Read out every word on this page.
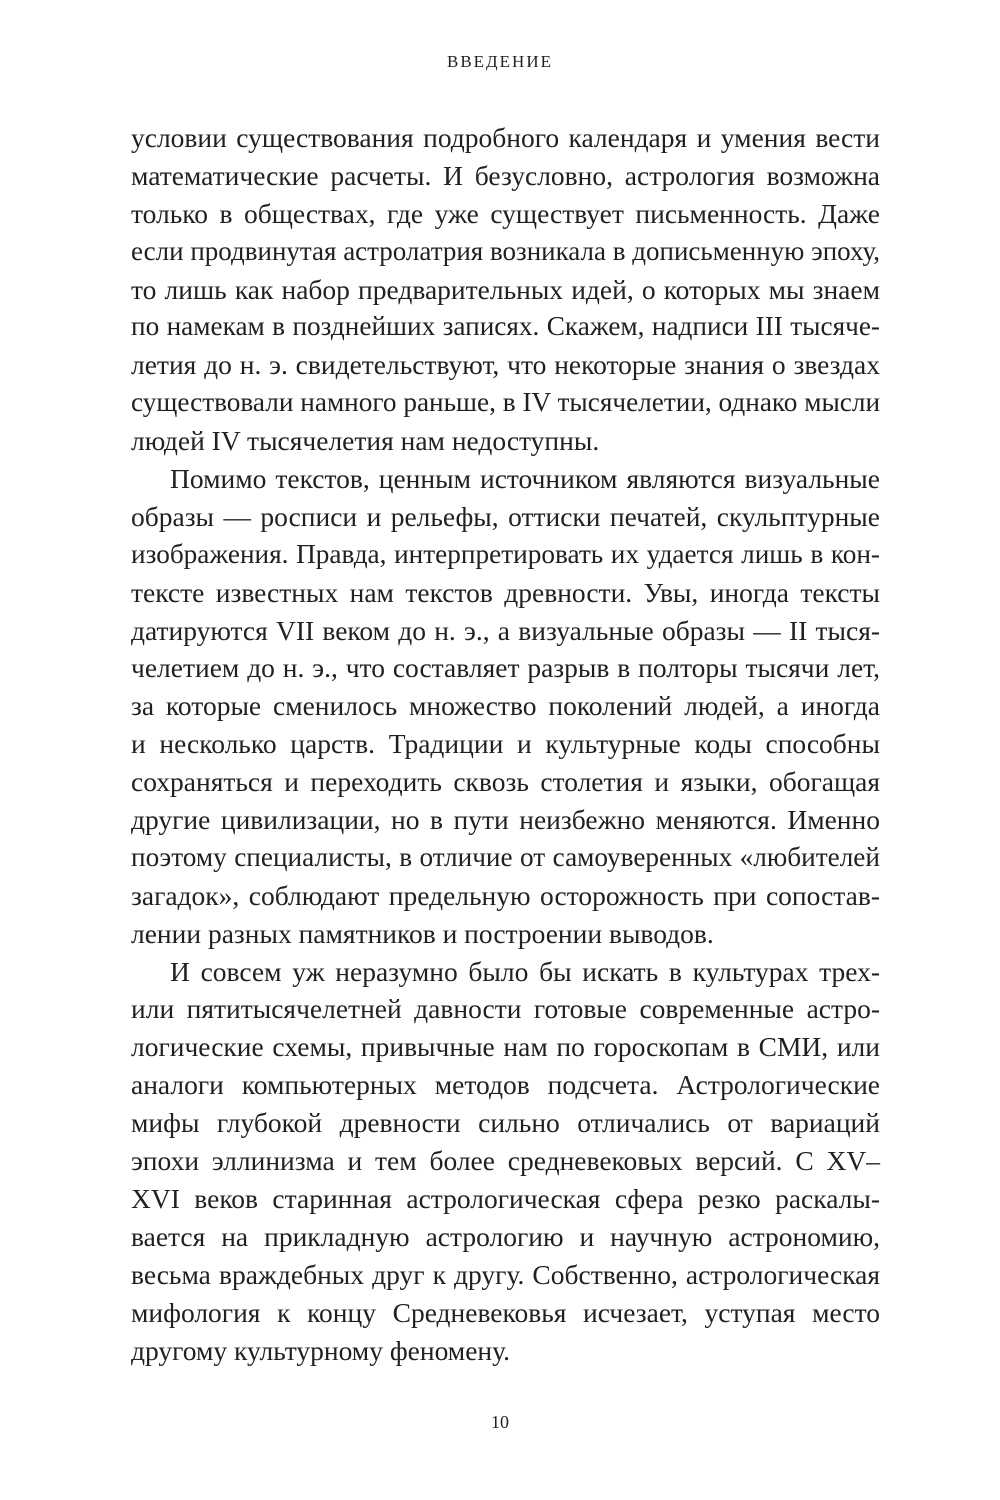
ВВЕДЕНИЕ
условии существования подробного календаря и умения вести
математические расчеты. И безусловно, астрология возможна
только в обществах, где уже существует письменность. Даже
если продвинутая астролатрия возникала в дописьменную эпоху,
то лишь как набор предварительных идей, о которых мы знаем
по намекам в позднейших записях. Скажем, надписи III тысяче-
летия до н. э. свидетельствуют, что некоторые знания о звездах
существовали намного раньше, в IV тысячелетии, однако мысли
людей IV тысячелетия нам недоступны.
Помимо текстов, ценным источником являются визуальные
образы — росписи и рельефы, оттиски печатей, скульптурные
изображения. Правда, интерпретировать их удается лишь в кон-
тексте известных нам текстов древности. Увы, иногда тексты
датируются VII веком до н. э., а визуальные образы — II тыся-
челетием до н. э., что составляет разрыв в полторы тысячи лет,
за которые сменилось множество поколений людей, а иногда
и несколько царств. Традиции и культурные коды способны
сохраняться и переходить сквозь столетия и языки, обогащая
другие цивилизации, но в пути неизбежно меняются. Именно
поэтому специалисты, в отличие от самоуверенных «любителей
загадок», соблюдают предельную осторожность при сопостав-
лении разных памятников и построении выводов.
И совсем уж неразумно было бы искать в культурах трех-
или пятитысячелетней давности готовые современные астро-
логические схемы, привычные нам по гороскопам в СМИ, или
аналоги компьютерных методов подсчета. Астрологические
мифы глубокой древности сильно отличались от вариаций
эпохи эллинизма и тем более средневековых версий. С XV–
XVI веков старинная астрологическая сфера резко раскалы-
вается на прикладную астрологию и научную астрономию,
весьма враждебных друг к другу. Собственно, астрологическая
мифология к концу Средневековья исчезает, уступая место
другому культурному феномену.
10
